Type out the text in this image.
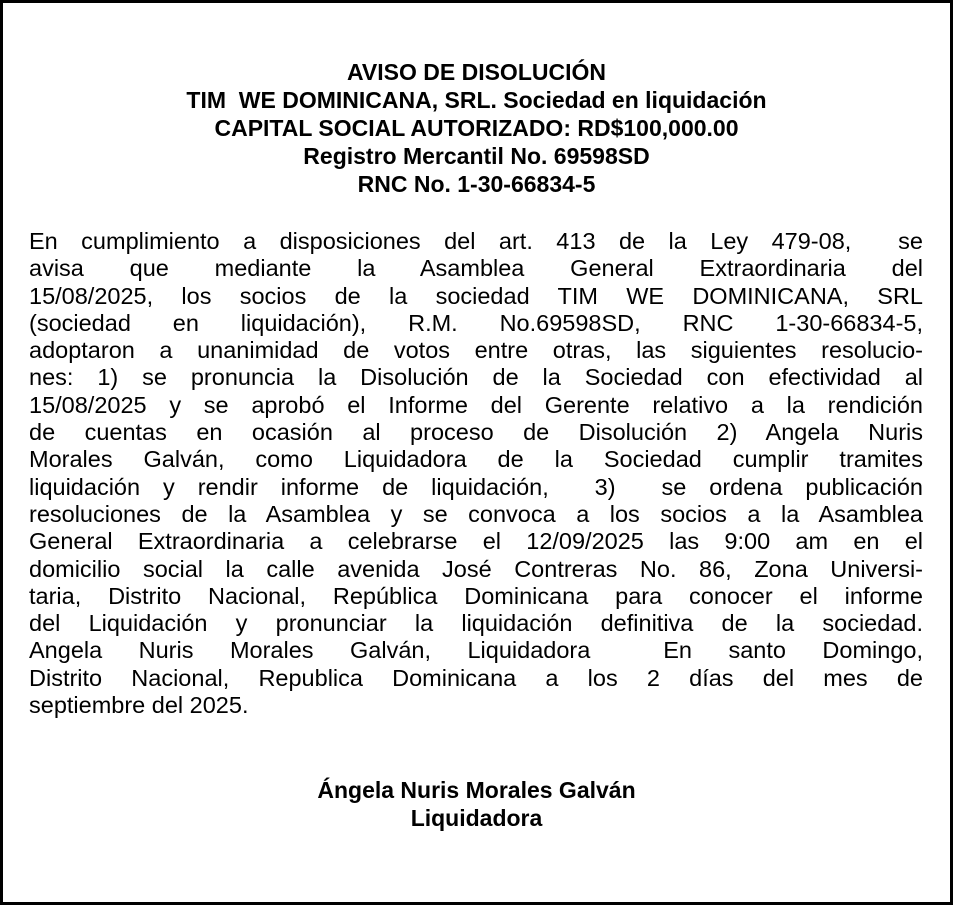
AVISO DE DISOLUCIÓN
TIM  WE DOMINICANA, SRL. Sociedad en liquidación
CAPITAL SOCIAL AUTORIZADO: RD$100,000.00
Registro Mercantil No. 69598SD
RNC No. 1-30-66834-5
En cumplimiento a disposiciones del art. 413 de la Ley 479-08,  se
avisa que mediante la Asamblea General Extraordinaria del
15/08/2025, los socios de la sociedad TIM WE DOMINICANA, SRL
(sociedad en liquidación), R.M. No.69598SD, RNC 1-30-66834-5,
adoptaron a unanimidad de votos entre otras, las siguientes resolucio-
nes: 1) se pronuncia la Disolución de la Sociedad con efectividad al
15/08/2025 y se aprobó el Informe del Gerente relativo a la rendición
de cuentas en ocasión al proceso de Disolución 2) Angela Nuris
Morales Galván, como Liquidadora de la Sociedad cumplir tramites
liquidación y rendir informe de liquidación,  3)  se ordena publicación
resoluciones de la Asamblea y se convoca a los socios a la Asamblea
General Extraordinaria a celebrarse el 12/09/2025 las 9:00 am en el
domicilio social la calle avenida José Contreras No. 86, Zona Universi-
taria, Distrito Nacional, República Dominicana para conocer el informe
del Liquidación y pronunciar la liquidación definitiva de la sociedad.
Angela Nuris Morales Galván, Liquidadora  En santo Domingo,
Distrito Nacional, Republica Dominicana a los 2 días del mes de
septiembre del 2025.
Ángela Nuris Morales Galván
Liquidadora
